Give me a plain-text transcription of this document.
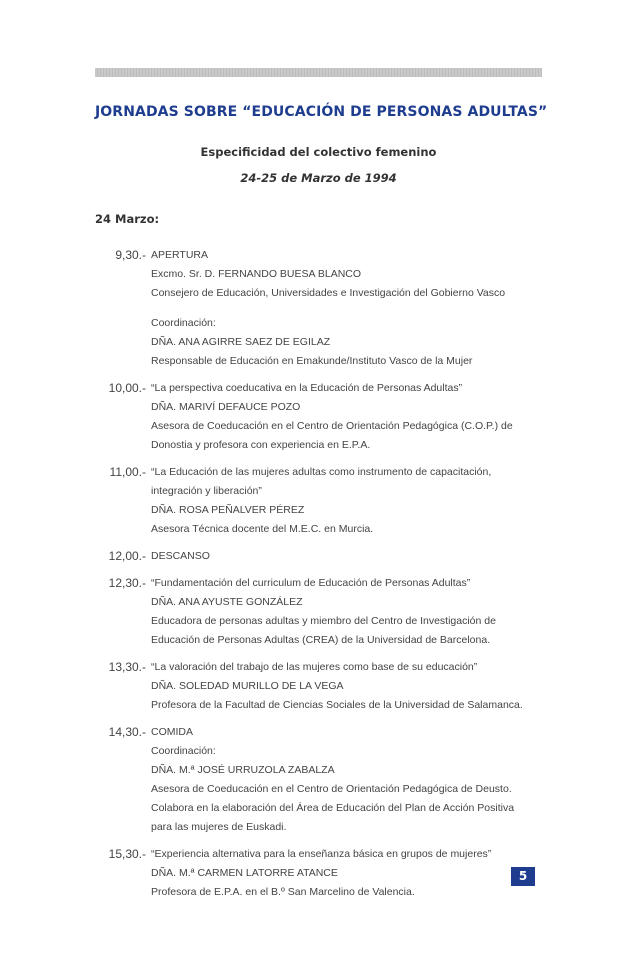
JORNADAS SOBRE “EDUCACIÓN DE PERSONAS ADULTAS”
Especificidad del colectivo femenino
24-25 de Marzo de 1994
24 Marzo:
9,30.- APERTURA
Excmo. Sr. D. FERNANDO BUESA BLANCO
Consejero de Educación, Universidades e Investigación del Gobierno Vasco
Coordinación:
DÑA. ANA AGIRRE SAEZ DE EGILAZ
Responsable de Educación en Emakunde/Instituto Vasco de la Mujer
10,00.- “La perspectiva coeducativa en la Educación de Personas Adultas”
DÑA. MARIVÍ DEFAUCE POZO
Asesora de Coeducación en el Centro de Orientación Pedagógica (C.O.P.) de
Donostia y profesora con experiencia en E.P.A.
11,00.- “La Educación de las mujeres adultas como instrumento de capacitación,
integración y liberación”
DÑA. ROSA PEÑALVER PÉREZ
Asesora Técnica docente del M.E.C. en Murcia.
12,00.- DESCANSO
12,30.- “Fundamentación del curriculum de Educación de Personas Adultas”
DÑA. ANA AYUSTE GONZÁLEZ
Educadora de personas adultas y miembro del Centro de Investigación de
Educación de Personas Adultas (CREA) de la Universidad de Barcelona.
13,30.- “La valoración del trabajo de las mujeres como base de su educación”
DÑA. SOLEDAD MURILLO DE LA VEGA
Profesora de la Facultad de Ciencias Sociales de la Universidad de Salamanca.
14,30.- COMIDA
Coordinación:
DÑA. M.ª JOSÉ URRUZOLA ZABALZA
Asesora de Coeducación en el Centro de Orientación Pedagógica de Deusto.
Colabora en la elaboración del Área de Educación del Plan de Acción Positiva
para las mujeres de Euskadi.
15,30.- “Experiencia alternativa para la enseñanza básica en grupos de mujeres”
DÑA. M.ª CARMEN LATORRE ATANCE
Profesora de E.P.A. en el B.º San Marcelino de Valencia.
5
